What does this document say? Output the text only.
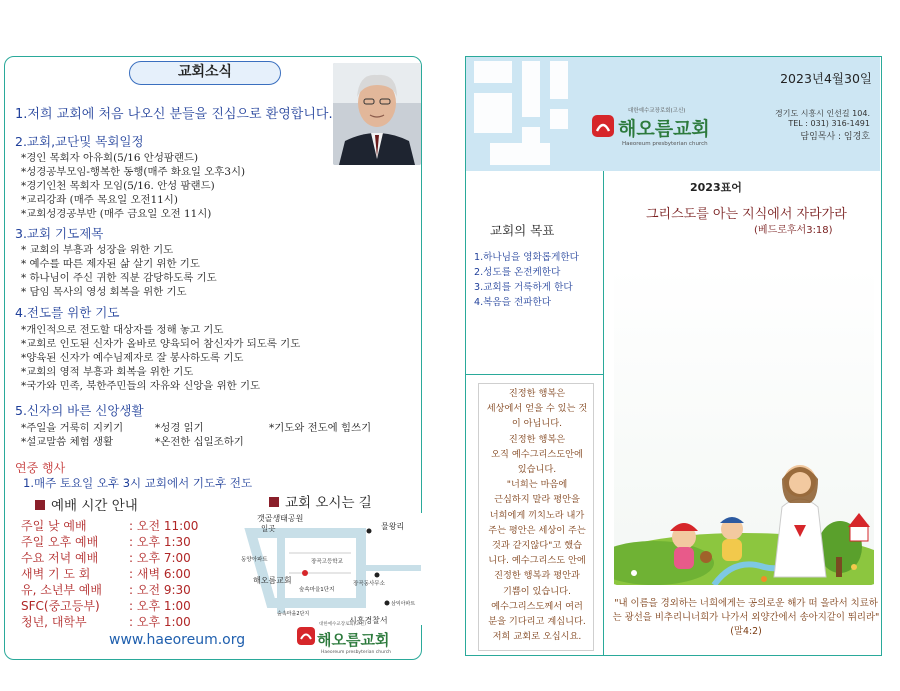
교회소식
1.저희 교회에 처음 나오신 분들을 진심으로 환영합니다.
2.교회,교단및 목회일정
*경인 목회자 아유회(5/16 안성팜랜드)
*성경공부모임-행복한 동행(매주 화요일 오후3시)
*경기인천 목회자 모임(5/16. 안성 팜랜드)
*교리강좌 (매주 목요일 오전11시)
*교회성경공부반 (매주 금요일 오전 11시)
3.교회 기도제목
* 교회의 부흥과 성장을 위한 기도
* 예수를 따른 제자된 삶 살기 위한 기도
* 하나님이 주신 귀한 직분 감당하도록 기도
* 담임 목사의 영성 회복을 위한 기도
4.전도를 위한 기도
*개인적으로 전도할 대상자를 정해 놓고 기도
*교회로 인도된 신자가 올바로 양육되어 참신자가 되도록 기도
*양육된 신자가 예수님제자로 잘 봉사하도록 기도
*교회의 영적 부흥과 회복을 위한 기도
*국가와 민족, 북한주민들의 자유와 신앙을 위한 기도
5.신자의 바른 신앙생활
*주일을 거룩히 지키기	*성경 읽기	*기도와 전도에 힘쓰기
*설교말씀 체험 생활	*온전한 십일조하기
연중 행사
1.매주 토요일 오후 3시 교회에서 기도후 전도
예배 시간 안내
주일 낮 예배	: 오전 11:00
주일 오후 예배	: 오후 1:30
수요 저녁 예배	: 오후 7:00
새벽 기 도 회	: 새벽 6:00
유, 소년부 예배 : 오전 9:30
SFC(중고등부) : 오후 1:00
청년, 대학부	: 오후 1:00
교회 오시는 길
갯골생태공원
일곳	물왕리
동양아파트	장곡고등학교
해오름교회
숲속마을1단지
장곡동사무소
숲속마을2단지
삼익아파트
시흥경찰서
www.haeoreum.org
대한예수교장로회(고신)
해오름교회
Haeoreum presbyterian church
2023년4월30일
대한예수교장로회(고신)
해오름교회
Haeoreum presbyterian church
경기도 시흥시 인선길 104.
TEL : 031) 316-1491
담임목사 : 임경호
교회의 목표
1.하나님을 영화롭게한다
2.성도를 온전케한다
3.교회를 거룩하게 한다
4.복음을 전파한다
진정한 행복은
세상에서 얻을 수 있는 것
이 아닙니다.
진정한 행복은
오직 예수그리스도안에
있습니다.
"너희는 마음에
근심하지 말라 평안을
너희에게 끼치노라 내가
주는 평안은 세상이 주는
것과 같지않다"고 했습
니다. 예수그리스도 안에
진정한 행복과 평안과
기쁨이 있습니다.
예수그리스도께서 여러
분을 기다리고 계십니다.
저희 교회로 오십시요.
2023표어
그리스도를 아는 지식에서 자라가라
(베드로후서3:18)
"내 이름을 경외하는 너희에게는 공의로운 해가 떠 올라서 치료하는 광선을 비추리니너희가 나가서 외양간에서 송아지같이 뛰리라"(말4:2)
